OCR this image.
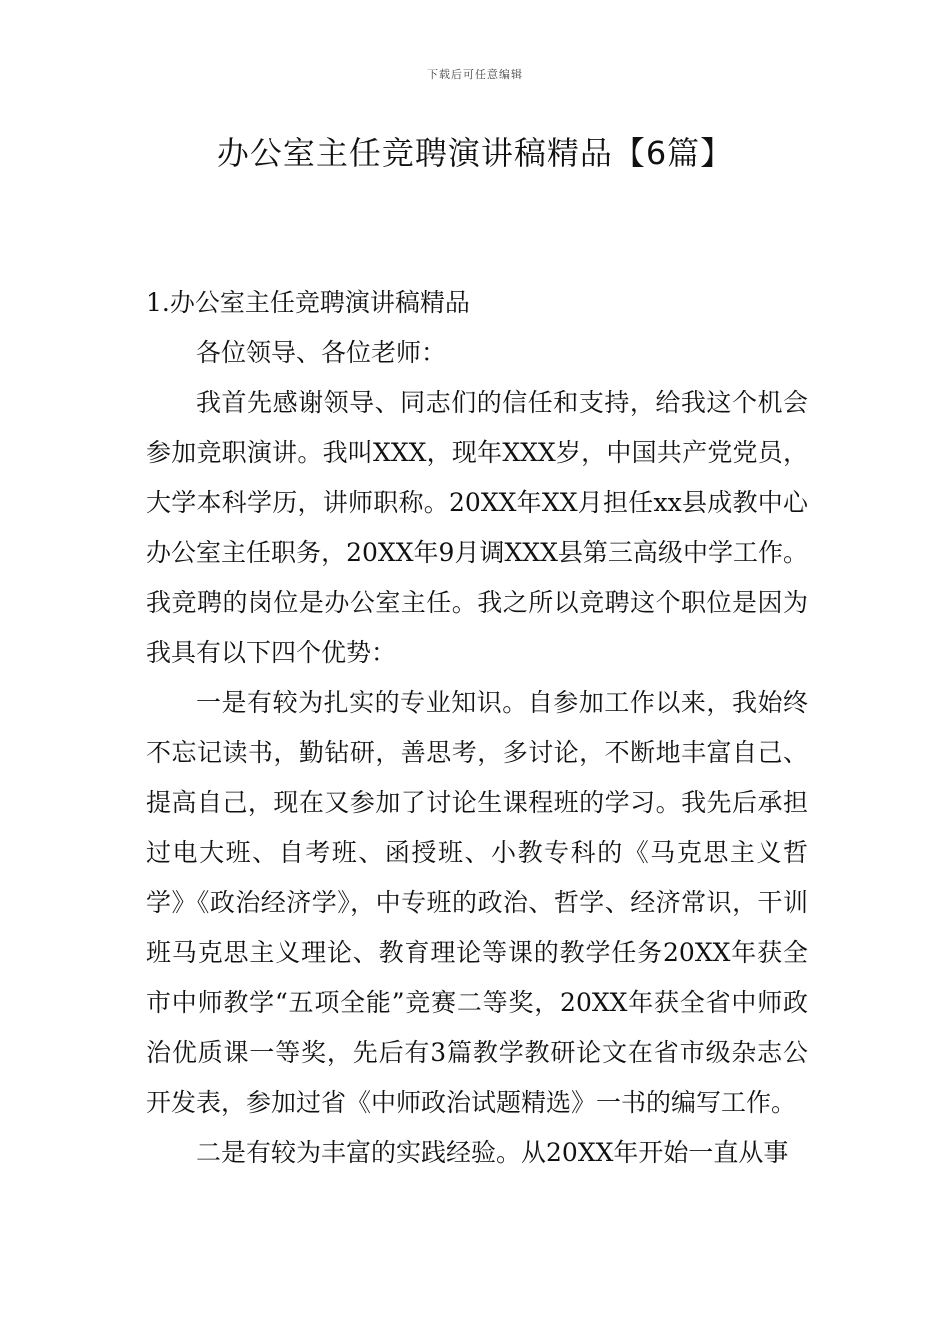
下载后可任意编辑
办公室主任竞聘演讲稿精品【6篇】

1.办公室主任竞聘演讲稿精品

各位领导、各位老师：

我首先感谢领导、同志们的信任和支持，给我这个机会参加竞职演讲。我叫XXX，现年XXX岁，中国共产党党员，大学本科学历，讲师职称。20XX年XX月担任xx县成教中心办公室主任职务，20XX年9月调XXX县第三高级中学工作。我竞聘的岗位是办公室主任。我之所以竞聘这个职位是因为我具有以下四个优势：

一是有较为扎实的专业知识。自参加工作以来，我始终不忘记读书，勤钻研，善思考，多讨论，不断地丰富自己、提高自己，现在又参加了讨论生课程班的学习。我先后承担过电大班、自考班、函授班、小教专科的《马克思主义哲学》《政治经济学》，中专班的政治、哲学、经济常识，干训班马克思主义理论、教育理论等课的教学任务20XX年获全市中师教学“五项全能”竞赛二等奖，20XX年获全省中师政治优质课一等奖，先后有3篇教学教研论文在省市级杂志公开发表，参加过省《中师政治试题精选》一书的编写工作。

二是有较为丰富的实践经验。从20XX年开始一直从事
